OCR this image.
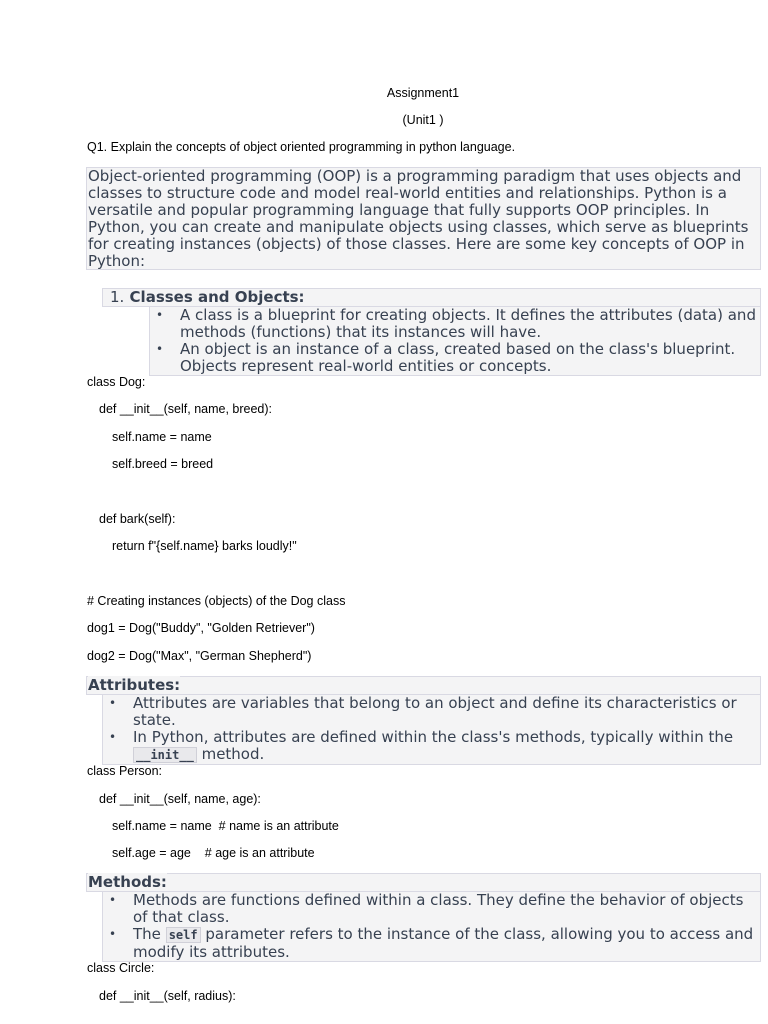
Assignment1
(Unit1 )
Q1. Explain the concepts of object oriented programming in python language.
Object-oriented programming (OOP) is a programming paradigm that uses objects and classes to structure code and model real-world entities and relationships. Python is a versatile and popular programming language that fully supports OOP principles. In Python, you can create and manipulate objects using classes, which serve as blueprints for creating instances (objects) of those classes. Here are some key concepts of OOP in Python:
1. Classes and Objects:
• A class is a blueprint for creating objects. It defines the attributes (data) and methods (functions) that its instances will have.
• An object is an instance of a class, created based on the class's blueprint. Objects represent real-world entities or concepts.
class Dog:
def __init__(self, name, breed):
self.name = name
self.breed = breed
def bark(self):
return f"{self.name} barks loudly!"
# Creating instances (objects) of the Dog class
dog1 = Dog("Buddy", "Golden Retriever")
dog2 = Dog("Max", "German Shepherd")
Attributes:
• Attributes are variables that belong to an object and define its characteristics or state.
• In Python, attributes are defined within the class's methods, typically within the __init__ method.
class Person:
def __init__(self, name, age):
self.name = name  # name is an attribute
self.age = age    # age is an attribute
Methods:
• Methods are functions defined within a class. They define the behavior of objects of that class.
• The self parameter refers to the instance of the class, allowing you to access and modify its attributes.
class Circle:
def __init__(self, radius):
